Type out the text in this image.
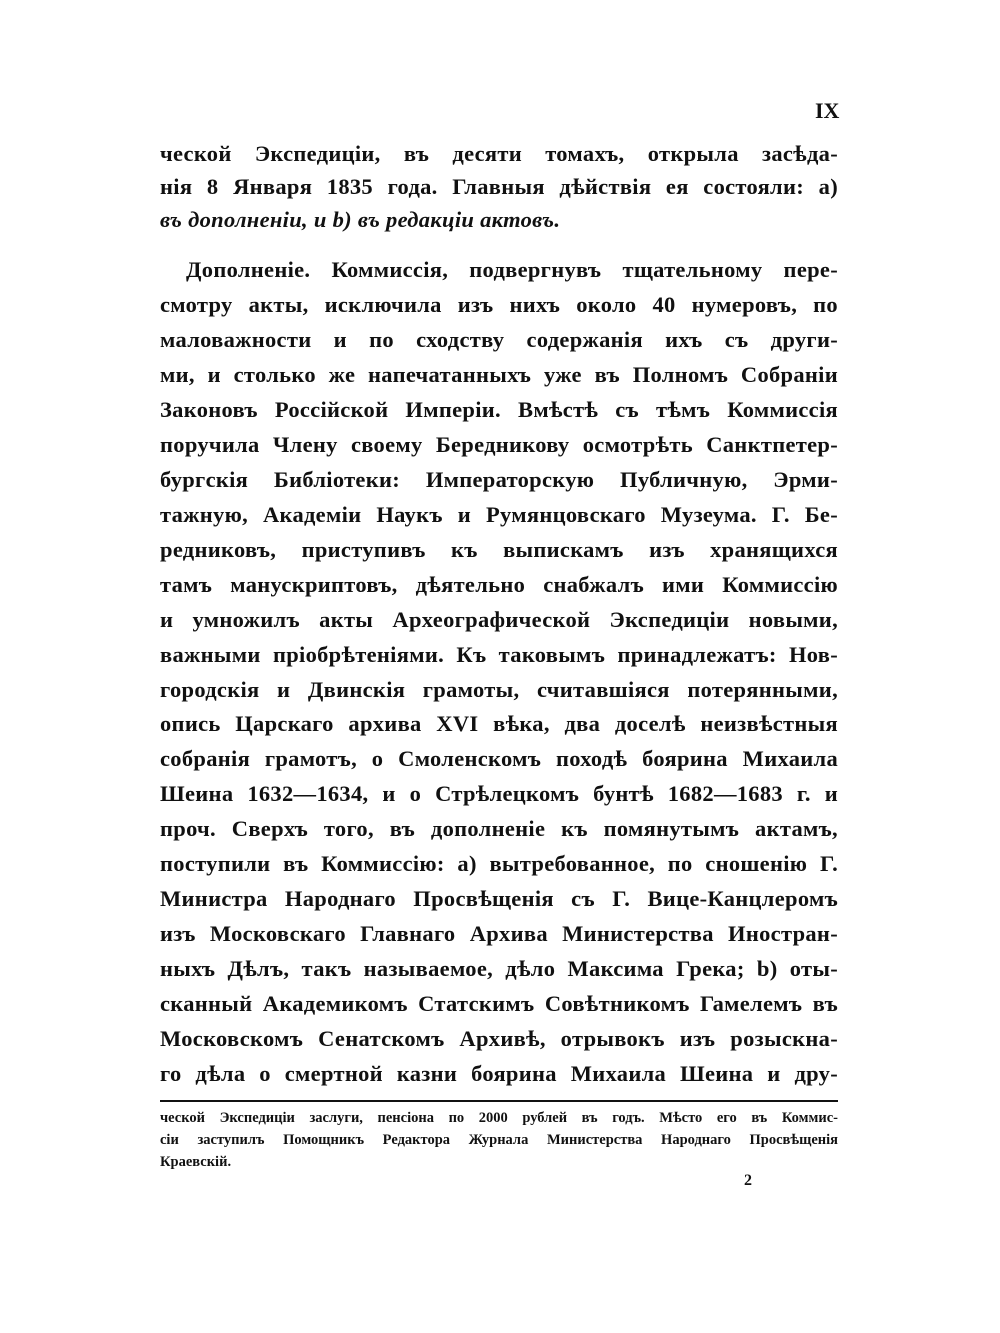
IX
ческой Экспедиціи, въ десяти томахъ, открыла засѣда-
нія 8 Января 1835 года. Главныя дѣйствія ея состояли: а)
въ дополненіи, и b) въ редакціи актовъ.
Дополненіе. Коммиссія, подвергнувъ тщательному пере-
смотру акты, исключила изъ нихъ около 40 нумеровъ, по
маловажности и по сходству содержанія ихъ съ други-
ми, и столько же напечатанныхъ уже въ Полномъ Собраніи
Законовъ Россійской Имперіи. Вмѣстѣ съ тѣмъ Коммиссія
поручила Члену своему Бередникову осмотрѣть Санктпетер-
бургскія Библіотеки: Императорскую Публичную, Эрми-
тажную, Академіи Наукъ и Румянцовскаго Музеума. Г. Бе-
редниковъ, приступивъ къ выпискамъ изъ хранящихся
тамъ манускриптовъ, дѣятельно снабжалъ ими Коммиссію
и умножилъ акты Археографической Экспедиціи новыми,
важными пріобрѣтеніями. Къ таковымъ принадлежатъ: Нов-
городскія и Двинскія грамоты, считавшіяся потерянными,
опись Царскаго архива XVI вѣка, два доселѣ неизвѣстныя
собранія грамотъ, о Смоленскомъ походѣ боярина Михаила
Шеина 1632—1634, и о Стрѣлецкомъ бунтѣ 1682—1683 г. и
проч. Сверхъ того, въ дополненіе къ помянутымъ актамъ,
поступили въ Коммиссію: а) вытребованное, по сношенію Г.
Министра Народнаго Просвѣщенія съ Г. Вице-Канцлеромъ
изъ Московскаго Главнаго Архива Министерства Иностран-
ныхъ Дѣлъ, такъ называемое, дѣло Максима Грека; b) оты-
сканный Академикомъ Статскимъ Совѣтникомъ Гамелемъ въ
Московскомъ Сенатскомъ Архивѣ, отрывокъ изъ розыскна-
го дѣла о смертной казни боярина Михаила Шеина и дру-
ческой Экспедиціи заслуги, пенсіона по 2000 рублей въ годъ. Мѣсто его въ Коммис-
сіи заступилъ Помощникъ Редактора Журнала Министерства Народнаго Просвѣщенія
Краевскій.
2
